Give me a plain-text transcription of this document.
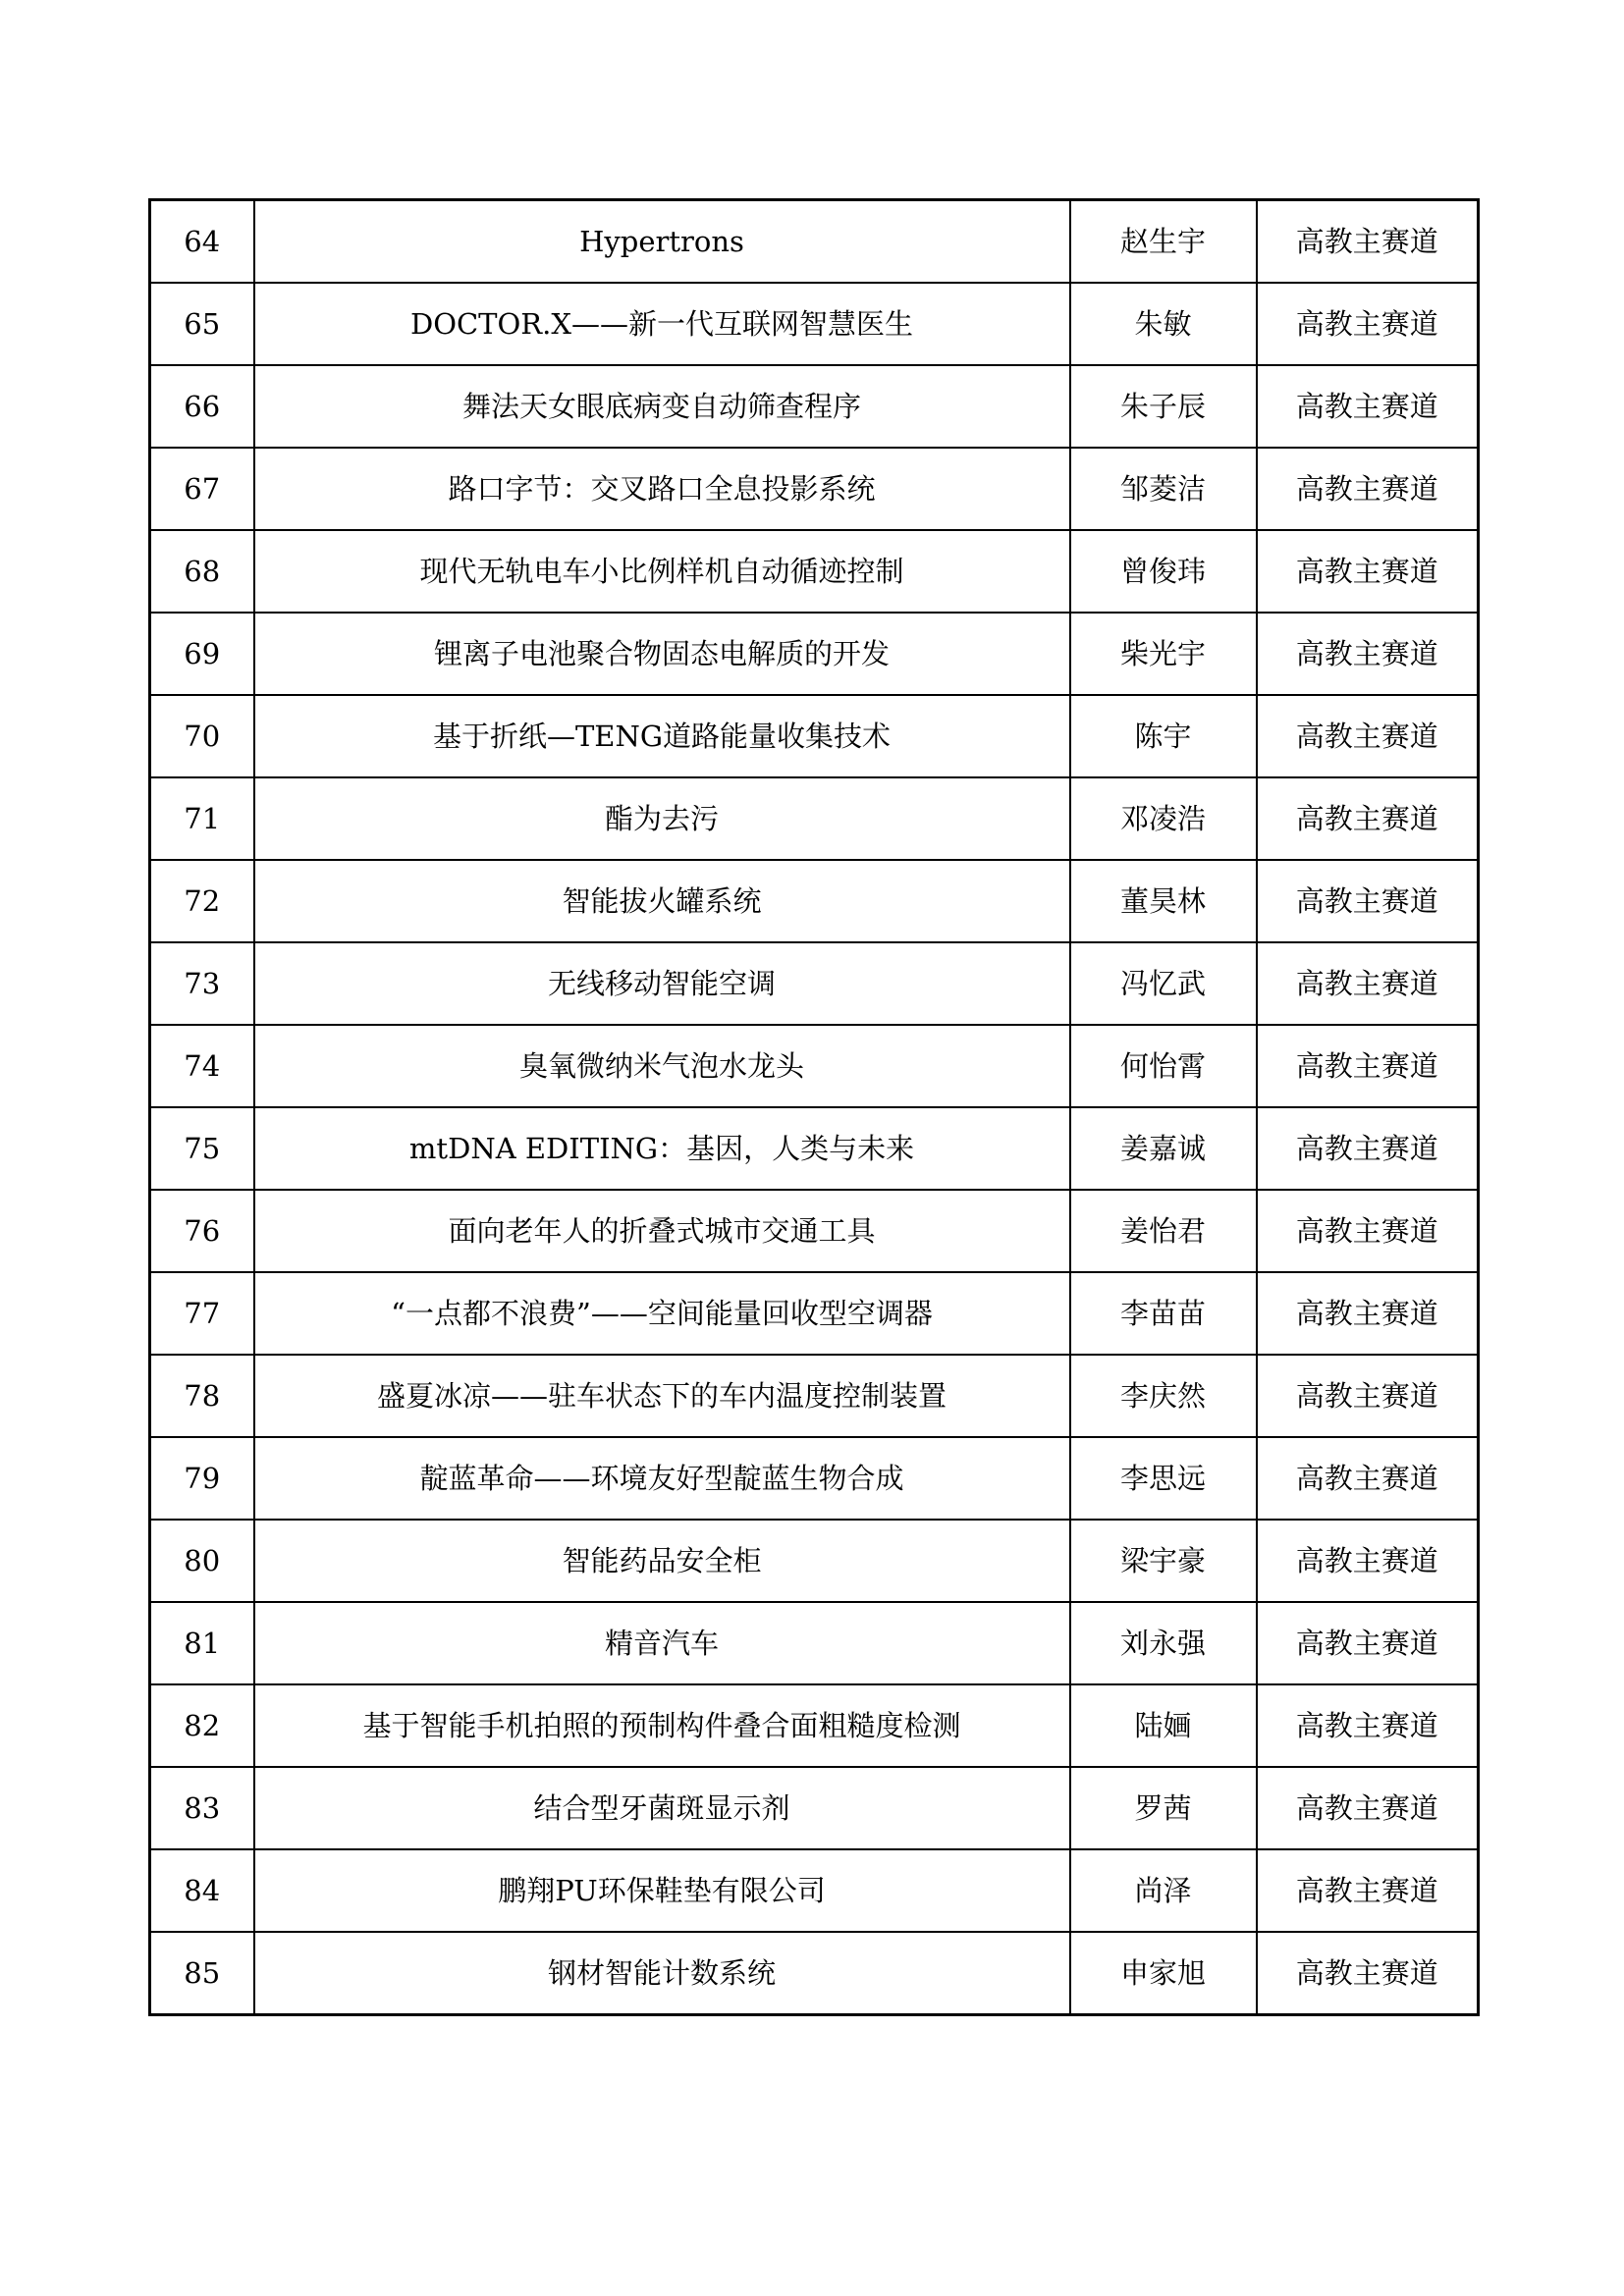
64	Hypertrons	赵生宇	高教主赛道
65	DOCTOR.X——新一代互联网智慧医生	朱敏	高教主赛道
66	舞法天女眼底病变自动筛查程序	朱子辰	高教主赛道
67	路口字节：交叉路口全息投影系统	邹菱洁	高教主赛道
68	现代无轨电车小比例样机自动循迹控制	曾俊玮	高教主赛道
69	锂离子电池聚合物固态电解质的开发	柴光宇	高教主赛道
70	基于折纸—TENG道路能量收集技术	陈宇	高教主赛道
71	酯为去污	邓凌浩	高教主赛道
72	智能拔火罐系统	董昊林	高教主赛道
73	无线移动智能空调	冯忆武	高教主赛道
74	臭氧微纳米气泡水龙头	何怡霄	高教主赛道
75	mtDNA EDITING：基因，人类与未来	姜嘉诚	高教主赛道
76	面向老年人的折叠式城市交通工具	姜怡君	高教主赛道
77	“一点都不浪费”——空间能量回收型空调器	李苗苗	高教主赛道
78	盛夏冰凉——驻车状态下的车内温度控制装置	李庆然	高教主赛道
79	靛蓝革命——环境友好型靛蓝生物合成	李思远	高教主赛道
80	智能药品安全柜	梁宇豪	高教主赛道
81	精音汽车	刘永强	高教主赛道
82	基于智能手机拍照的预制构件叠合面粗糙度检测	陆婳	高教主赛道
83	结合型牙菌斑显示剂	罗茜	高教主赛道
84	鹏翔PU环保鞋垫有限公司	尚泽	高教主赛道
85	钢材智能计数系统	申家旭	高教主赛道
